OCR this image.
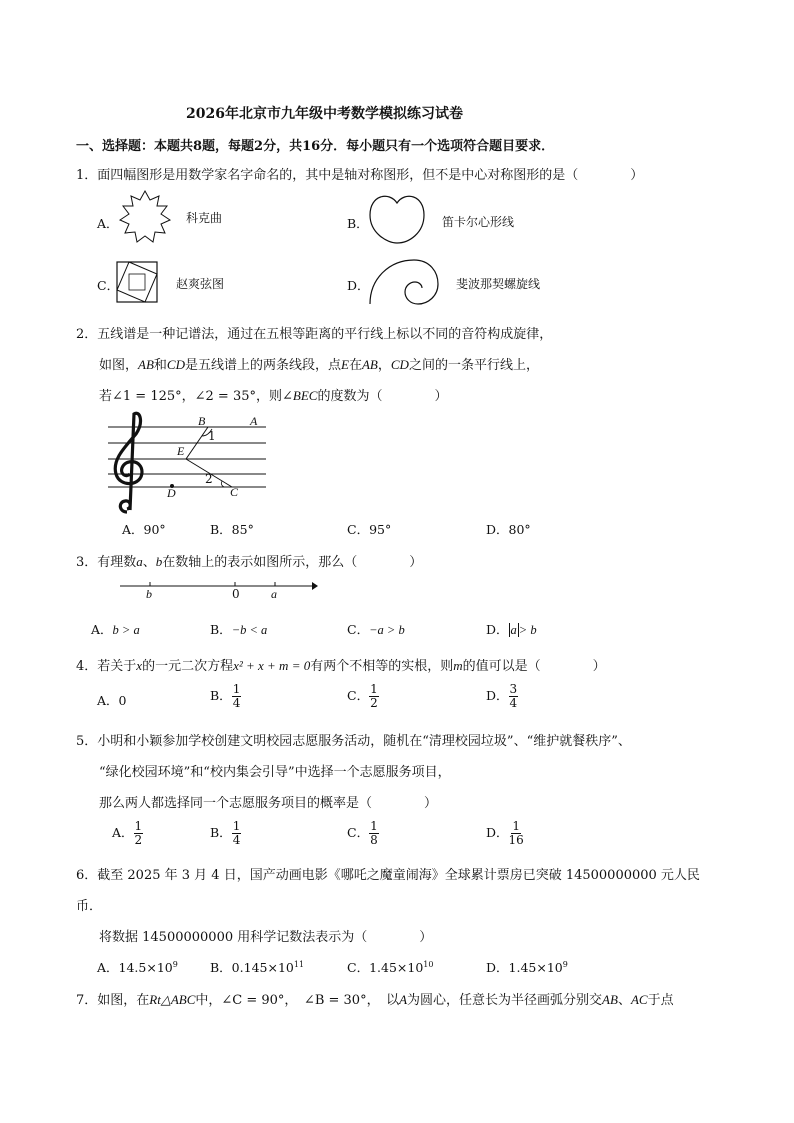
2026年北京市九年级中考数学模拟练习试卷
一、选择题：本题共8题，每题2分，共16分．每小题只有一个选项符合题目要求．
1．面四幅图形是用数学家名字命名的，其中是轴对称图形，但不是中心对称图形的是（　　　　）
A．	科克曲	B．	笛卡尔心形线
C．	赵爽弦图	D．	斐波那契螺旋线
2．五线谱是一种记谱法，通过在五根等距离的平行线上标以不同的音符构成旋律，
如图，AB和CD是五线谱上的两条线段，点E在AB，CD之间的一条平行线上，
若∠1 = 125°，∠2 = 35°，则∠BEC的度数为（　　　　）
B	A
1
E
2
D	C
A．90°	B．85°	C．95°	D．80°
3．有理数a、b在数轴上的表示如图所示，那么（　　　　）
b	0	a
A．b > a	B．−b < a	C．−a > b	D． a > b
4．若关于x的一元二次方程x² + x + m = 0有两个不相等的实根，则m的值可以是（　　　　）
A．0	B． $\frac{1}{4}$	C． $\frac{1}{2}$	D． $\frac{3}{4}$
5．小明和小颖参加学校创建文明校园志愿服务活动，随机在“清理校园垃圾”、“维护就餐秩序”、
“绿化校园环境”和“校内集会引导”中选择一个志愿服务项目，
那么两人都选择同一个志愿服务项目的概率是（　　　　）
A． $\frac{1}{2}$	B． $\frac{1}{4}$	C． $\frac{1}{8}$	D． $\frac{1}{16}$
6．截至 2025 年 3 月 4 日，国产动画电影《哪吒之魔童闹海》全球累计票房已突破 14500000000 元人民
币．
将数据 14500000000 用科学记数法表示为（　　　　）
A．$14.5\times 10^9$	B．$0.145\times 10^{11}$	C．$1.45\times 10^{10}$	D．$1.45\times 10^9$
7．如图，在Rt△ABC中，∠C = 90°，　∠B = 30°，　以A为圆心，任意长为半径画弧分别交AB、AC于点
